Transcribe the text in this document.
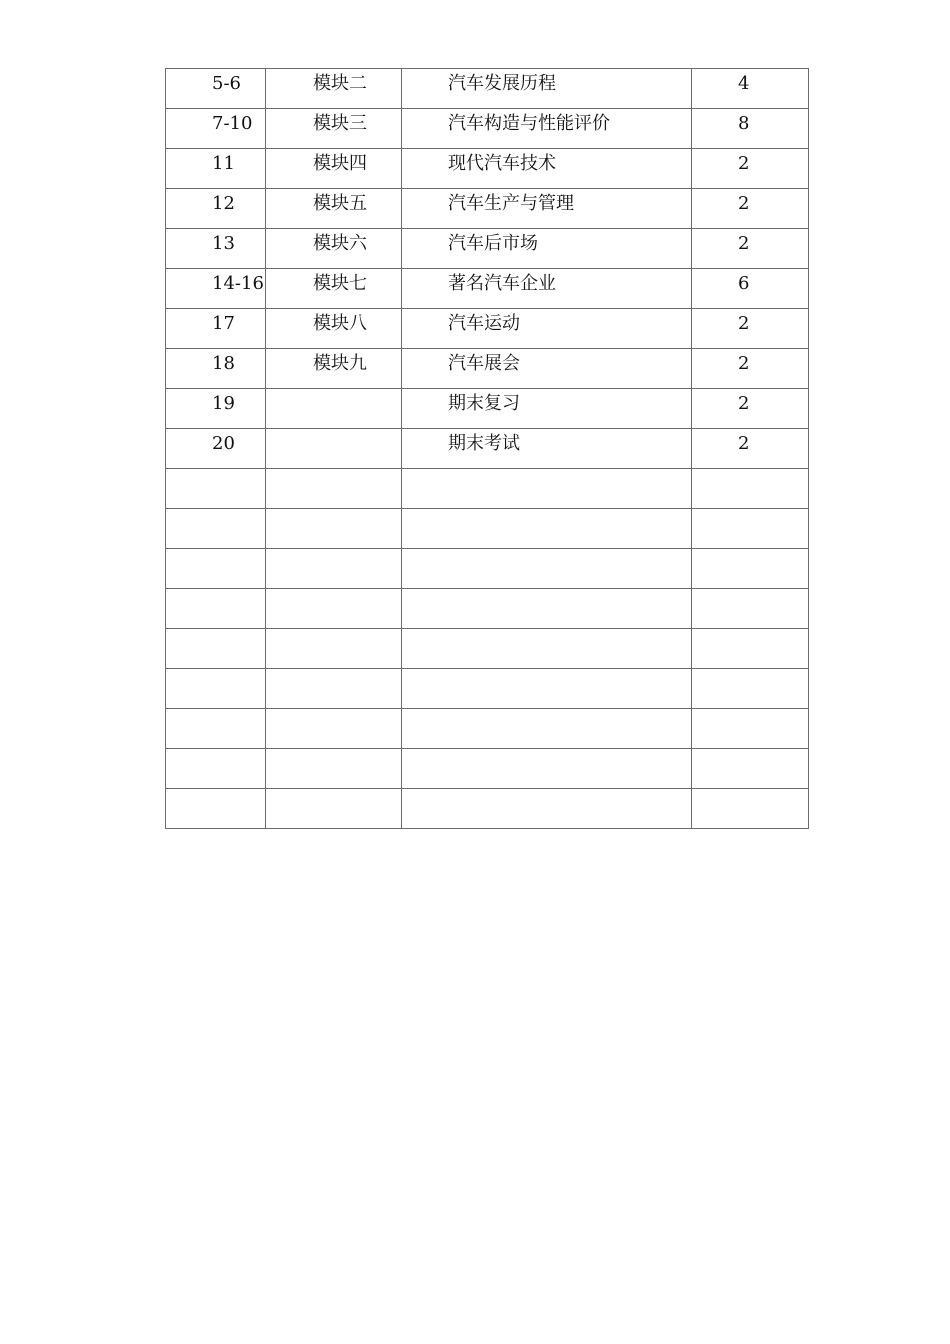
5-6	模块二	汽车发展历程	4

7-10	模块三	汽车构造与性能评价	8

11	模块四	现代汽车技术	2

12	模块五	汽车生产与管理	2

13	模块六	汽车后市场	2

14-16	模块七	著名汽车企业	6

17	模块八	汽车运动	2

18	模块九	汽车展会	2

19		期末复习	2

20		期末考试	2
